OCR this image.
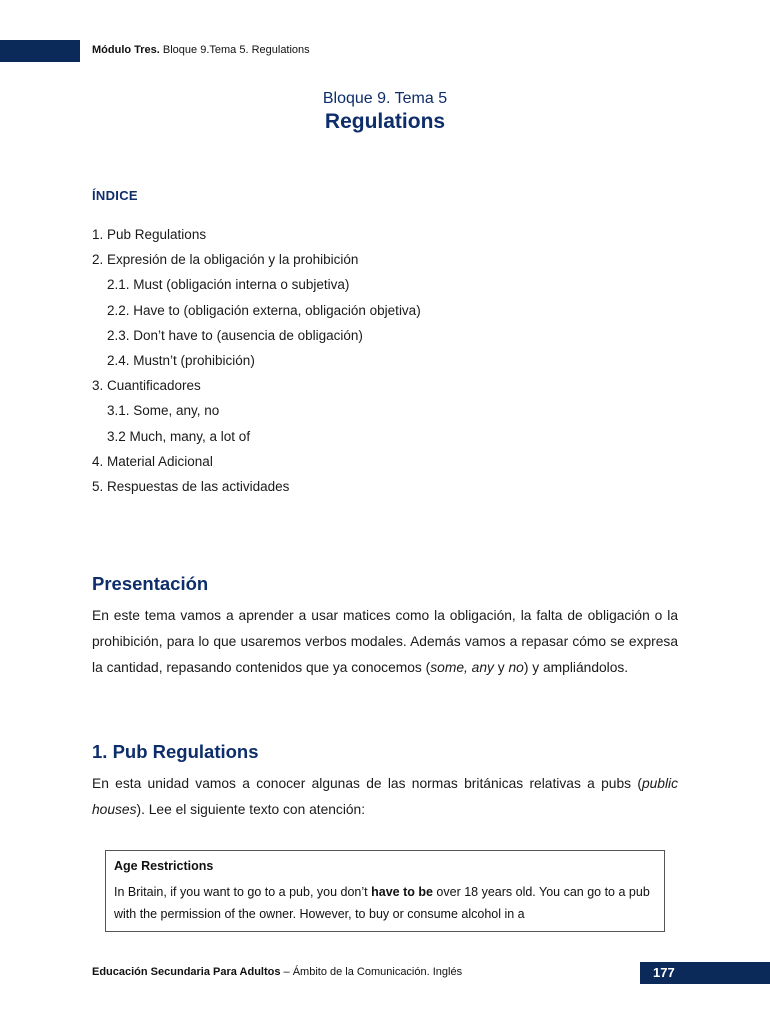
Módulo Tres. Bloque 9.Tema 5. Regulations
Bloque 9. Tema 5
Regulations
ÍNDICE
1. Pub Regulations
2. Expresión de la obligación y la prohibición
2.1. Must (obligación interna o subjetiva)
2.2. Have to (obligación externa, obligación objetiva)
2.3. Don’t have to (ausencia de obligación)
2.4. Mustn’t (prohibición)
3. Cuantificadores
3.1. Some, any, no
3.2 Much, many, a lot of
4. Material Adicional
5. Respuestas de las actividades
Presentación

En este tema vamos a aprender a usar matices como la obligación, la falta de obligación o la prohibición, para lo que usaremos verbos modales. Además vamos a repasar cómo se expresa la cantidad, repasando contenidos que ya conocemos (some, any y no) y ampliándolos.

1. Pub Regulations

En esta unidad vamos a conocer algunas de las normas británicas relativas a pubs (public houses). Lee el siguiente texto con atención:

Age Restrictions
In Britain, if you want to go to a pub, you don’t have to be over 18 years old. You can go to a pub with the permission of the owner. However, to buy or consume alcohol in a
Educación Secundaria Para Adultos – Ámbito de la Comunicación. Inglés	177
